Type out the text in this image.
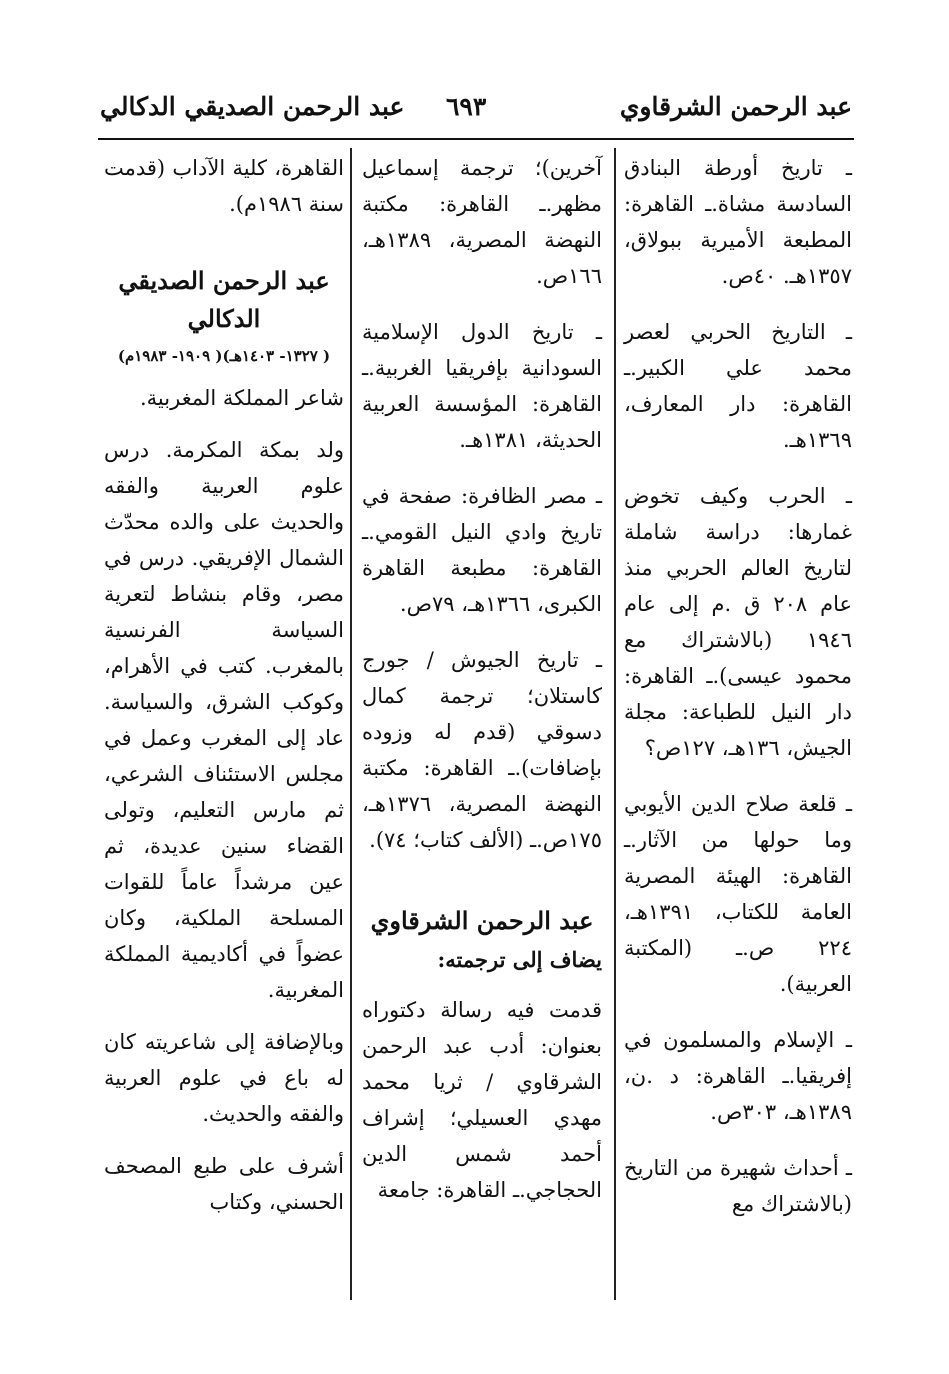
عبد الرحمن الشرقاوي
٦٩٣
عبد الرحمن الصديقي الدكالي

ـ تاريخ أورطة البنادق السادسة مشاة.ـ القاهرة: المطبعة الأميرية ببولاق، ١٣٥٧هـ. ٤٠ص.

ـ التاريخ الحربي لعصر محمد علي الكبير.ـ القاهرة: دار المعارف، ١٣٦٩هـ.

ـ الحرب وكيف تخوض غمارها: دراسة شاملة لتاريخ العالم الحربي منذ عام ٢٠٨ ق .م إلى عام ١٩٤٦ (بالاشتراك مع محمود عيسى).ـ القاهرة: دار النيل للطباعة: مجلة الجيش، ١٣٦هـ، ١٢٧ص؟

ـ قلعة صلاح الدين الأيوبي وما حولها من الآثار.ـ القاهرة: الهيئة المصرية العامة للكتاب، ١٣٩١هـ، ٢٢٤ ص.ـ (المكتبة العربية).

ـ الإسلام والمسلمون في إفريقيا.ـ القاهرة: د .ن، ١٣٨٩هـ، ٣٠٣ص.

ـ أحداث شهيرة من التاريخ (بالاشتراك مع

آخرين)؛ ترجمة إسماعيل مظهر.ـ القاهرة: مكتبة النهضة المصرية، ١٣٨٩هـ، ١٦٦ص.

ـ تاريخ الدول الإسلامية السودانية بإفريقيا الغربية.ـ القاهرة: المؤسسة العربية الحديثة، ١٣٨١هـ.

ـ مصر الظافرة: صفحة في تاريخ وادي النيل القومي.ـ القاهرة: مطبعة القاهرة الكبرى، ١٣٦٦هـ، ٧٩ص.

ـ تاريخ الجيوش / جورج كاستلان؛ ترجمة كمال دسوقي (قدم له وزوده بإضافات).ـ القاهرة: مكتبة النهضة المصرية، ١٣٧٦هـ، ١٧٥ص.ـ (الألف كتاب؛ ٧٤).

عبد الرحمن الشرقاوي
يضاف إلى ترجمته:

قدمت فيه رسالة دكتوراه بعنوان: أدب عبد الرحمن الشرقاوي / ثريا محمد مهدي العسيلي؛ إشراف أحمد شمس الدين الحجاجي.ـ القاهرة: جامعة

القاهرة، كلية الآداب (قدمت سنة ١٩٨٦م).

عبد الرحمن الصديقي الدكالي
( ١٣٢٧- ١٤٠٣هـ)( ١٩٠٩- ١٩٨٣م)

شاعر المملكة المغربية.

ولد بمكة المكرمة. درس علوم العربية والفقه والحديث على والده محدّث الشمال الإفريقي. درس في مصر، وقام بنشاط لتعرية السياسة الفرنسية بالمغرب. كتب في الأهرام، وكوكب الشرق، والسياسة. عاد إلى المغرب وعمل في مجلس الاستئناف الشرعي، ثم مارس التعليم، وتولى القضاء سنين عديدة، ثم عين مرشداً عاماً للقوات المسلحة الملكية، وكان عضواً في أكاديمية المملكة المغربية.

وبالإضافة إلى شاعريته كان له باع في علوم العربية والفقه والحديث.

أشرف على طبع المصحف الحسني، وكتاب
